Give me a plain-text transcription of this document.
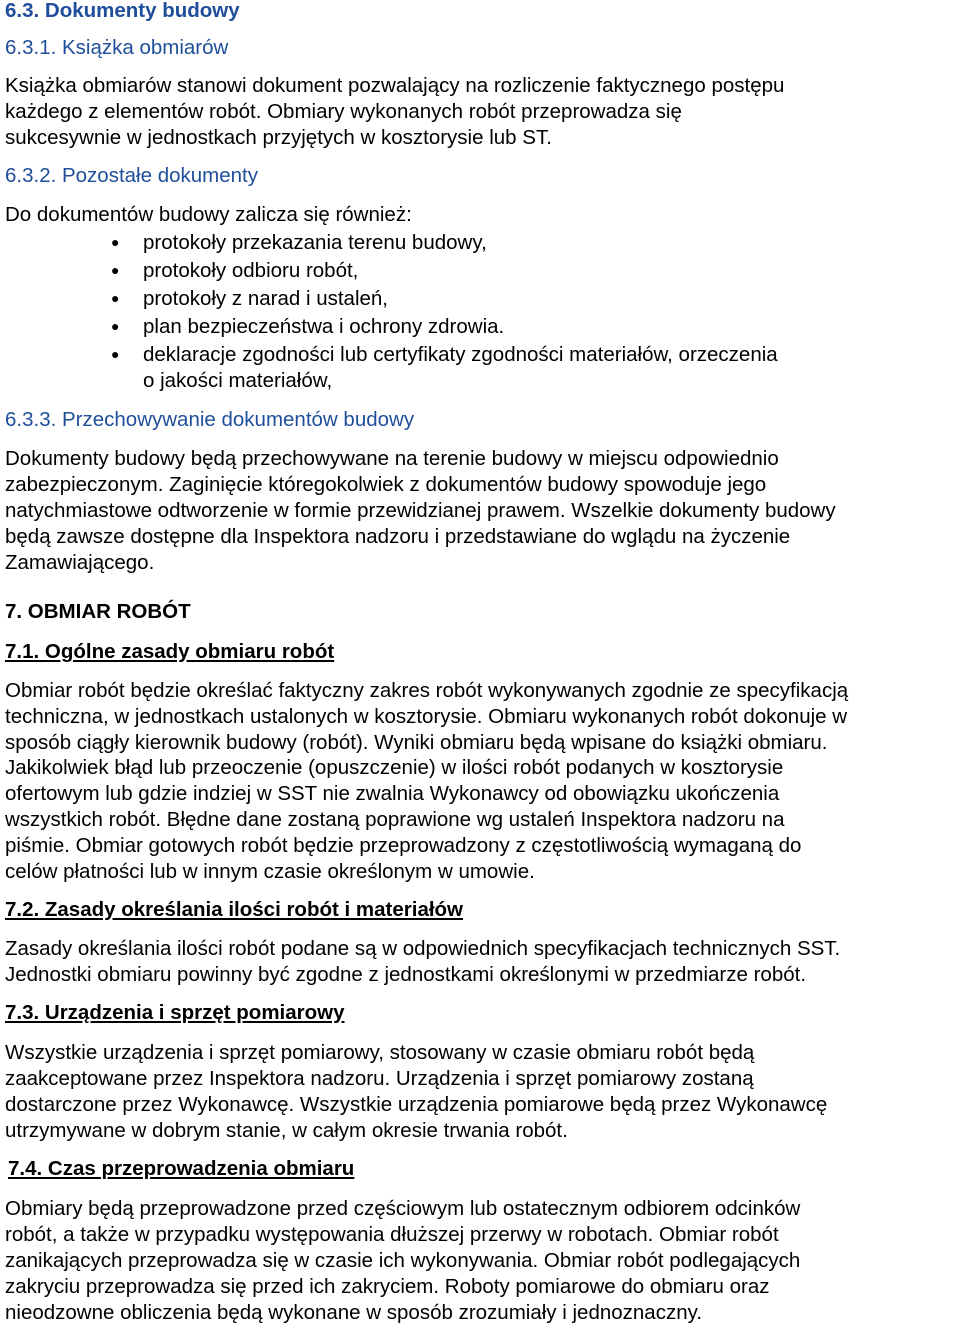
6.3. Dokumenty budowy
6.3.1. Książka obmiarów
Książka obmiarów stanowi dokument pozwalający na rozliczenie faktycznego postępu
każdego z elementów robót. Obmiary wykonanych robót przeprowadza się
sukcesywnie w jednostkach przyjętych w kosztorysie lub ST.
6.3.2. Pozostałe dokumenty
Do dokumentów budowy zalicza się również:
● protokoły przekazania terenu budowy,
● protokoły odbioru robót,
● protokoły z narad i ustaleń,
● plan bezpieczeństwa i ochrony zdrowia.
● deklaracje zgodności lub certyfikaty zgodności materiałów, orzeczenia
o jakości materiałów,
6.3.3. Przechowywanie dokumentów budowy
Dokumenty budowy będą przechowywane na terenie budowy w miejscu odpowiednio
zabezpieczonym. Zaginięcie któregokolwiek z dokumentów budowy spowoduje jego
natychmiastowe odtworzenie w formie przewidzianej prawem. Wszelkie dokumenty budowy
będą zawsze dostępne dla Inspektora nadzoru i przedstawiane do wglądu na życzenie
Zamawiającego.
7. OBMIAR ROBÓT
7.1. Ogólne zasady obmiaru robót
Obmiar robót będzie określać faktyczny zakres robót wykonywanych zgodnie ze specyfikacją
techniczna, w jednostkach ustalonych w kosztorysie. Obmiaru wykonanych robót dokonuje w
sposób ciągły kierownik budowy (robót). Wyniki obmiaru będą wpisane do książki obmiaru.
Jakikolwiek błąd lub przeoczenie (opuszczenie) w ilości robót podanych w kosztorysie
ofertowym lub gdzie indziej w SST nie zwalnia Wykonawcy od obowiązku ukończenia
wszystkich robót. Błędne dane zostaną poprawione wg ustaleń Inspektora nadzoru na
piśmie. Obmiar gotowych robót będzie przeprowadzony z częstotliwością wymaganą do
celów płatności lub w innym czasie określonym w umowie.
7.2. Zasady określania ilości robót i materiałów
Zasady określania ilości robót podane są w odpowiednich specyfikacjach technicznych SST.
Jednostki obmiaru powinny być zgodne z jednostkami określonymi w przedmiarze robót.
7.3. Urządzenia i sprzęt pomiarowy
Wszystkie urządzenia i sprzęt pomiarowy, stosowany w czasie obmiaru robót będą
zaakceptowane przez Inspektora nadzoru. Urządzenia i sprzęt pomiarowy zostaną
dostarczone przez Wykonawcę. Wszystkie urządzenia pomiarowe będą przez Wykonawcę
utrzymywane w dobrym stanie, w całym okresie trwania robót.
7.4. Czas przeprowadzenia obmiaru
Obmiary będą przeprowadzone przed częściowym lub ostatecznym odbiorem odcinków
robót, a także w przypadku występowania dłuższej przerwy w robotach. Obmiar robót
zanikających przeprowadza się w czasie ich wykonywania. Obmiar robót podlegających
zakryciu przeprowadza się przed ich zakryciem. Roboty pomiarowe do obmiaru oraz
nieodzowne obliczenia będą wykonane w sposób zrozumiały i jednoznaczny.
